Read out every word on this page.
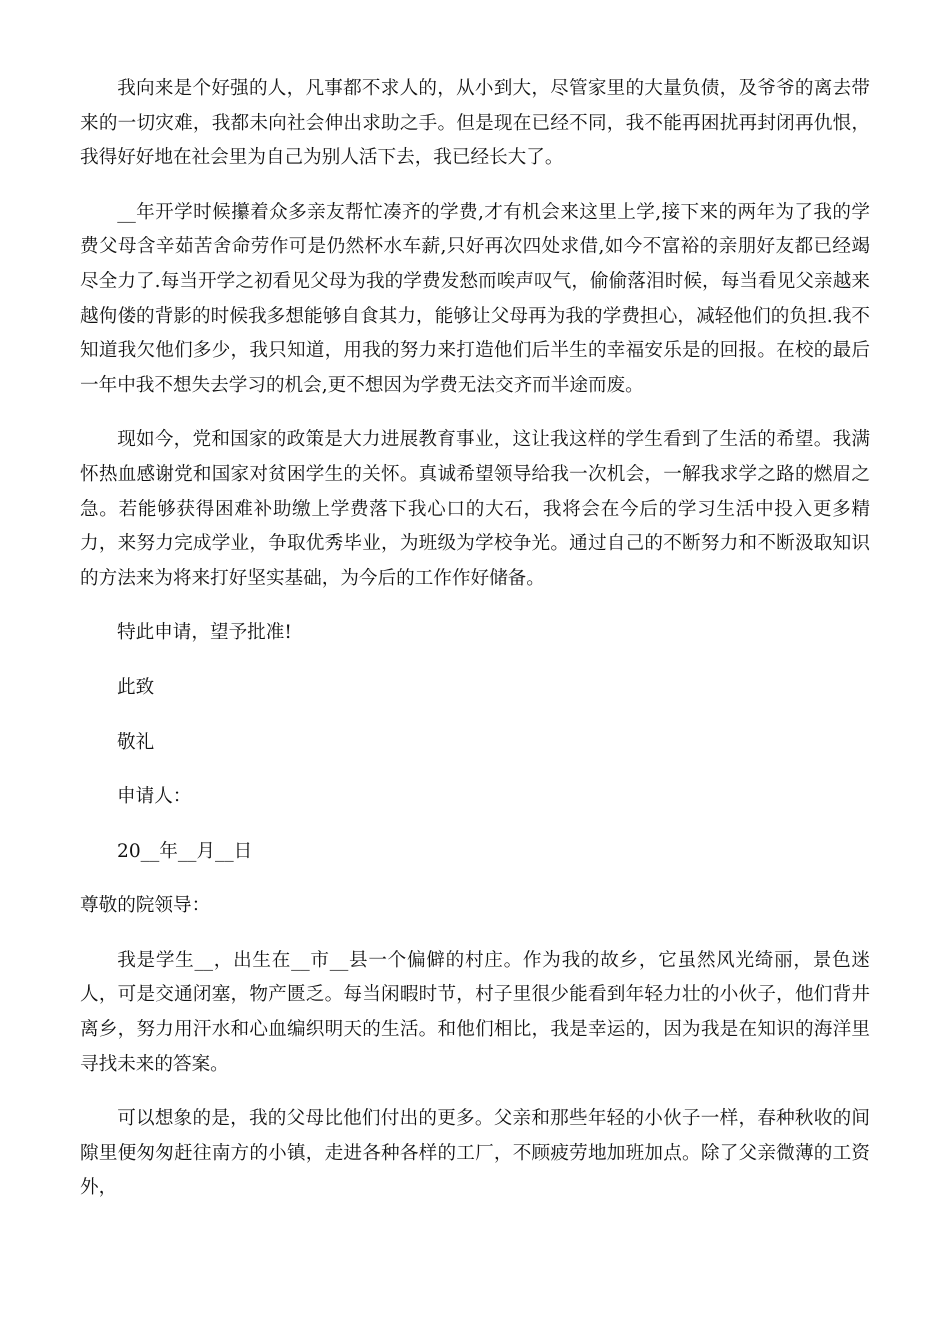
我向来是个好强的人，凡事都不求人的，从小到大，尽管家里的大量负债，及爷爷的离去带来的一切灾难，我都未向社会伸出求助之手。但是现在已经不同，我不能再困扰再封闭再仇恨，我得好好地在社会里为自己为别人活下去，我已经长大了。

__年开学时候攥着众多亲友帮忙凑齐的学费,才有机会来这里上学,接下来的两年为了我的学费父母含辛茹苦舍命劳作可是仍然杯水车薪,只好再次四处求借,如今不富裕的亲朋好友都已经竭尽全力了.每当开学之初看见父母为我的学费发愁而唉声叹气，偷偷落泪时候，每当看见父亲越来越佝偻的背影的时候我多想能够自食其力，能够让父母再为我的学费担心，减轻他们的负担.我不知道我欠他们多少，我只知道，用我的努力来打造他们后半生的幸福安乐是的回报。在校的最后一年中我不想失去学习的机会,更不想因为学费无法交齐而半途而废。

现如今，党和国家的政策是大力进展教育事业，这让我这样的学生看到了生活的希望。我满怀热血感谢党和国家对贫困学生的关怀。真诚希望领导给我一次机会，一解我求学之路的燃眉之急。若能够获得困难补助缴上学费落下我心口的大石，我将会在今后的学习生活中投入更多精力，来努力完成学业，争取优秀毕业，为班级为学校争光。通过自己的不断努力和不断汲取知识的方法来为将来打好坚实基础，为今后的工作作好储备。

特此申请，望予批准!

此致

敬礼

申请人：

20__年__月__日

尊敬的院领导：

我是学生__，出生在__市__县一个偏僻的村庄。作为我的故乡，它虽然风光绮丽，景色迷人，可是交通闭塞，物产匮乏。每当闲暇时节，村子里很少能看到年轻力壮的小伙子，他们背井离乡，努力用汗水和心血编织明天的生活。和他们相比，我是幸运的，因为我是在知识的海洋里寻找未来的答案。

可以想象的是，我的父母比他们付出的更多。父亲和那些年轻的小伙子一样，春种秋收的间隙里便匆匆赶往南方的小镇，走进各种各样的工厂，不顾疲劳地加班加点。除了父亲微薄的工资外，
